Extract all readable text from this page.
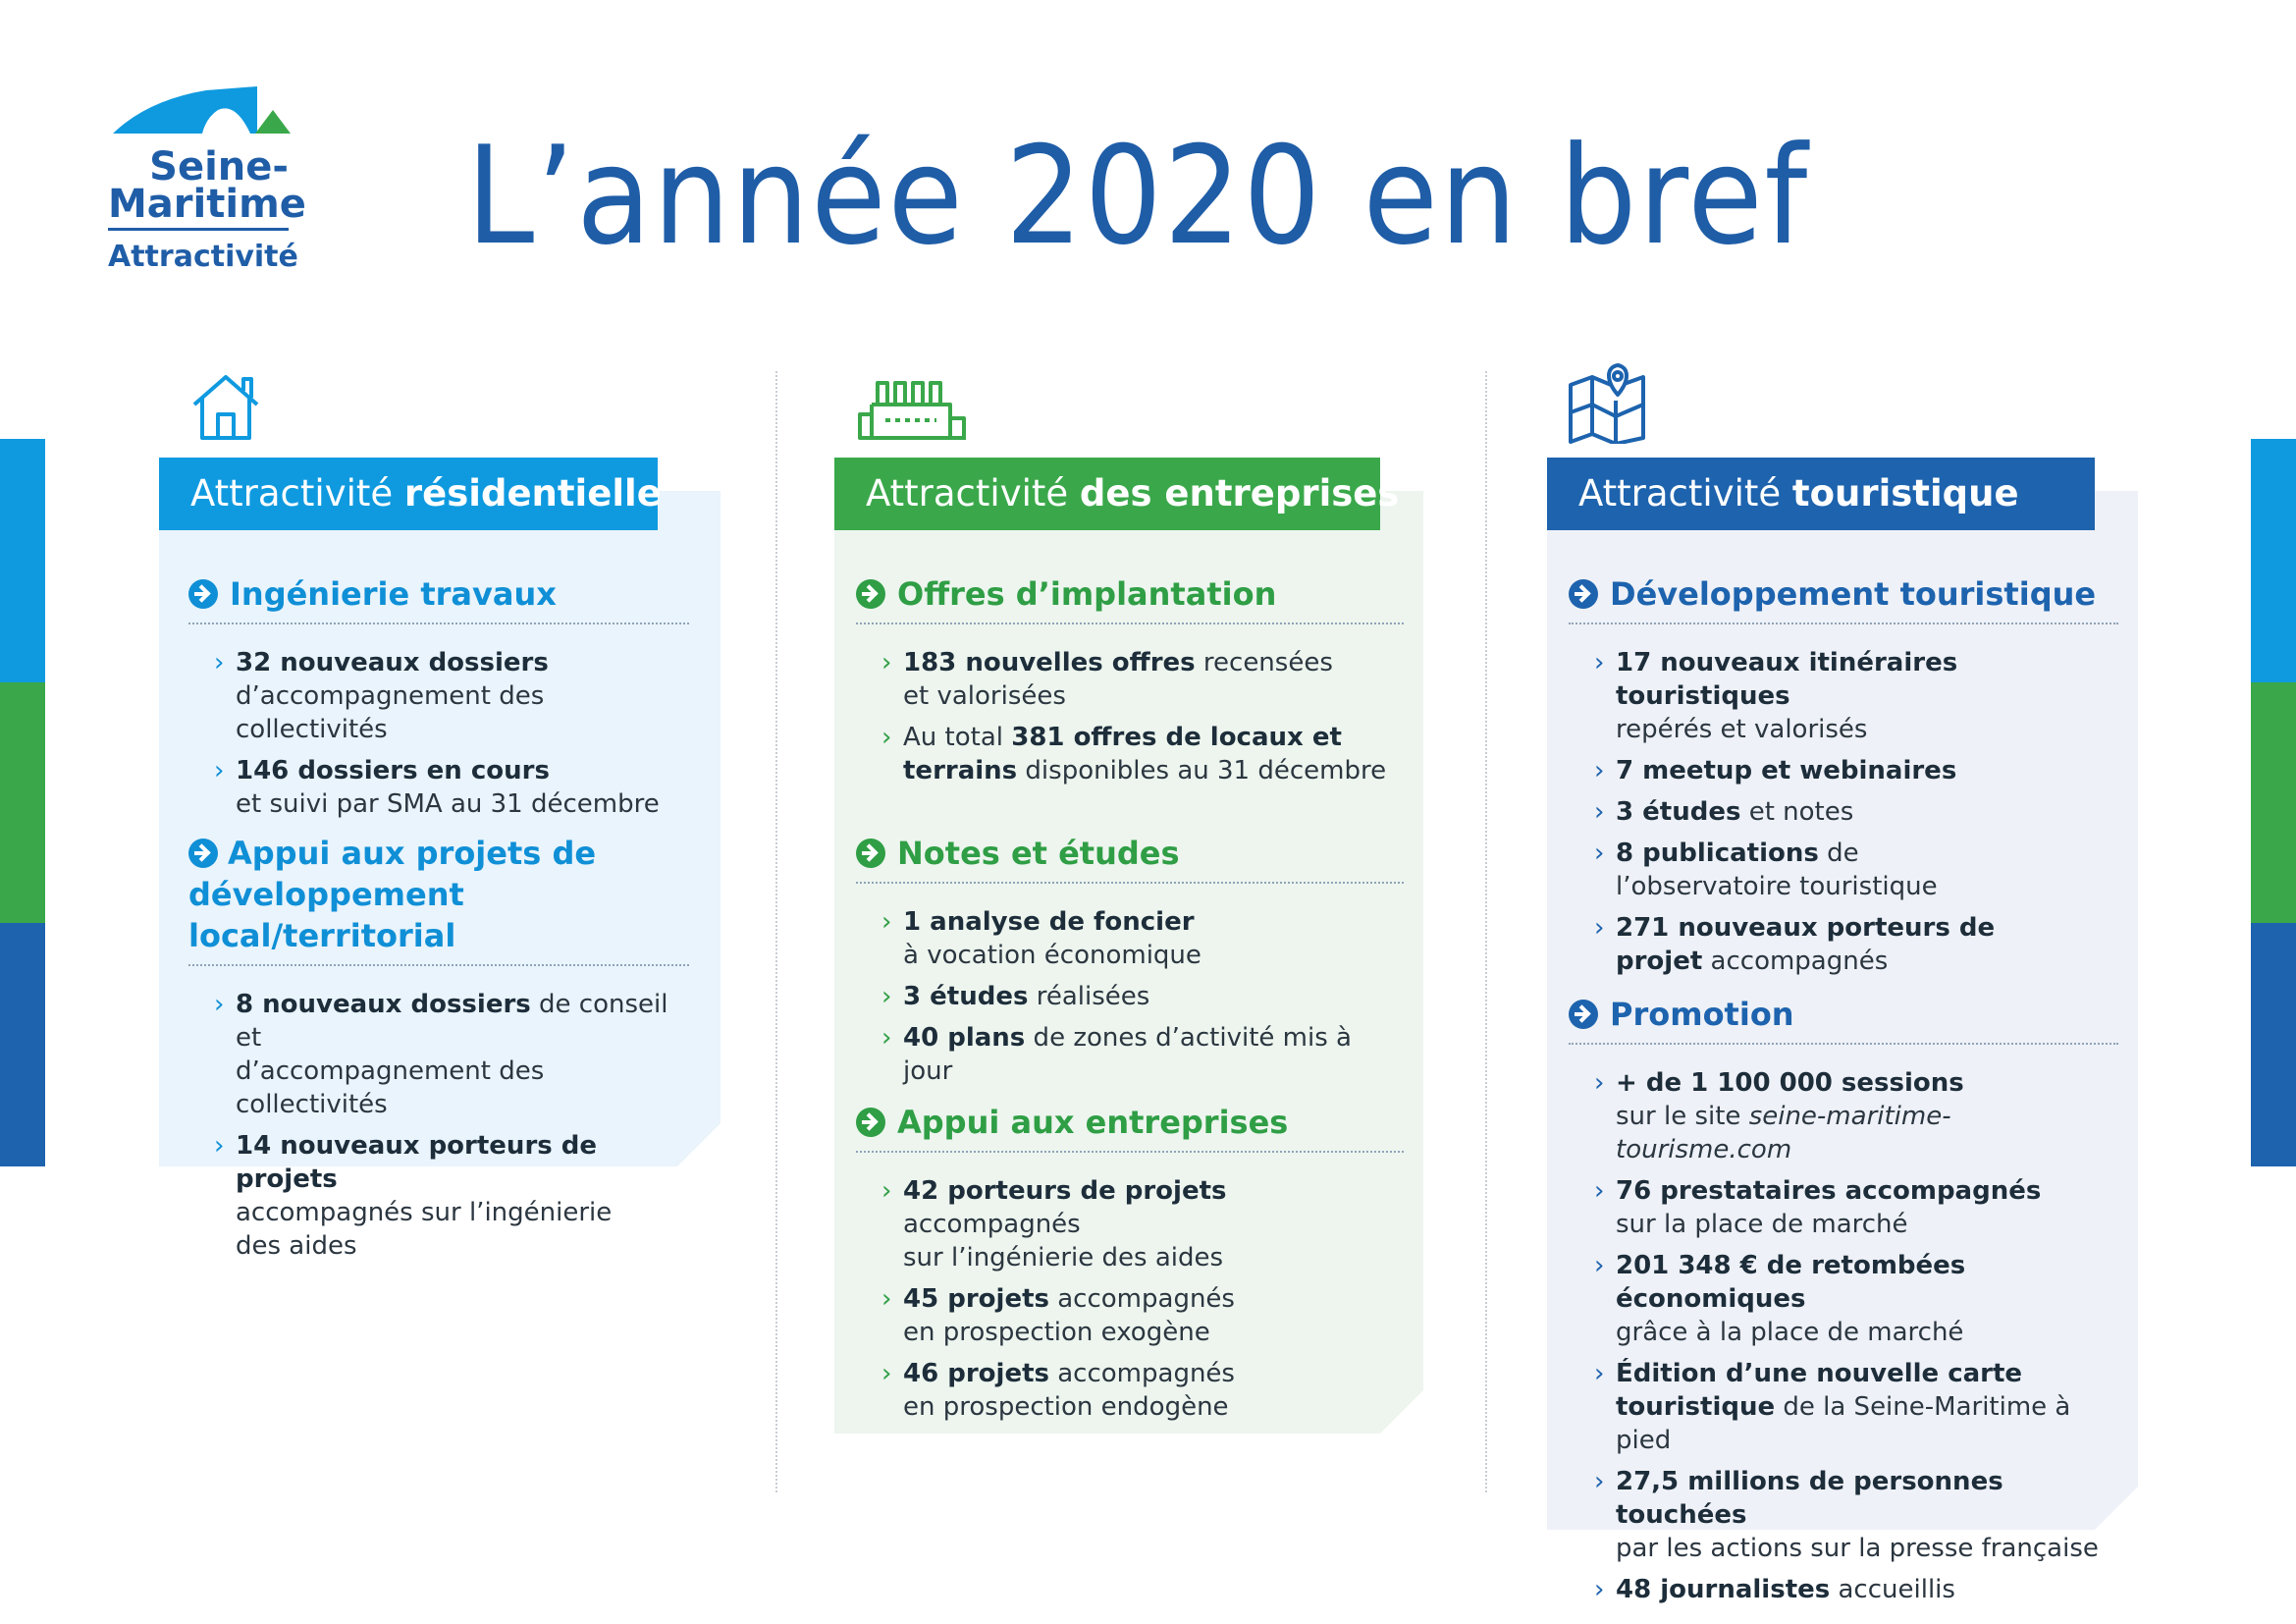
Seine-
Maritime
Attractivité L’année 2020 en bref
Attractivité résidentielle
Ingénierie travaux
› 32 nouveaux dossiers
d’accompagnement des collectivités
› 146 dossiers en cours
et suivi par SMA au 31 décembre
Appui aux projets de développement local/territorial
› 8 nouveaux dossiers de conseil et
d’accompagnement des collectivités
› 14 nouveaux porteurs de projets
accompagnés sur l’ingénierie
des aides
Attractivité des entreprises
Offres d’implantation
› 183 nouvelles offres recensées
et valorisées
› Au total 381 offres de locaux et
terrains disponibles au 31 décembre
Notes et études
› 1 analyse de foncier
à vocation économique
› 3 études réalisées
› 40 plans de zones d’activité mis à jour
Appui aux entreprises
› 42 porteurs de projets accompagnés
sur l’ingénierie des aides
› 45 projets accompagnés
en prospection exogène
› 46 projets accompagnés
en prospection endogène
Attractivité touristique
Développement touristique
› 17 nouveaux itinéraires touristiques
repérés et valorisés
› 7 meetup et webinaires
› 3 études et notes
› 8 publications de
l’observatoire touristique
› 271 nouveaux porteurs de
projet accompagnés
Promotion
› + de 1 100 000 sessions
sur le site seine-maritime-tourisme.com
› 76 prestataires accompagnés
sur la place de marché
› 201 348 € de retombées économiques
grâce à la place de marché
› Édition d’une nouvelle carte
touristique de la Seine-Maritime à pied
› 27,5 millions de personnes touchées
par les actions sur la presse française
› 48 journalistes accueillis
